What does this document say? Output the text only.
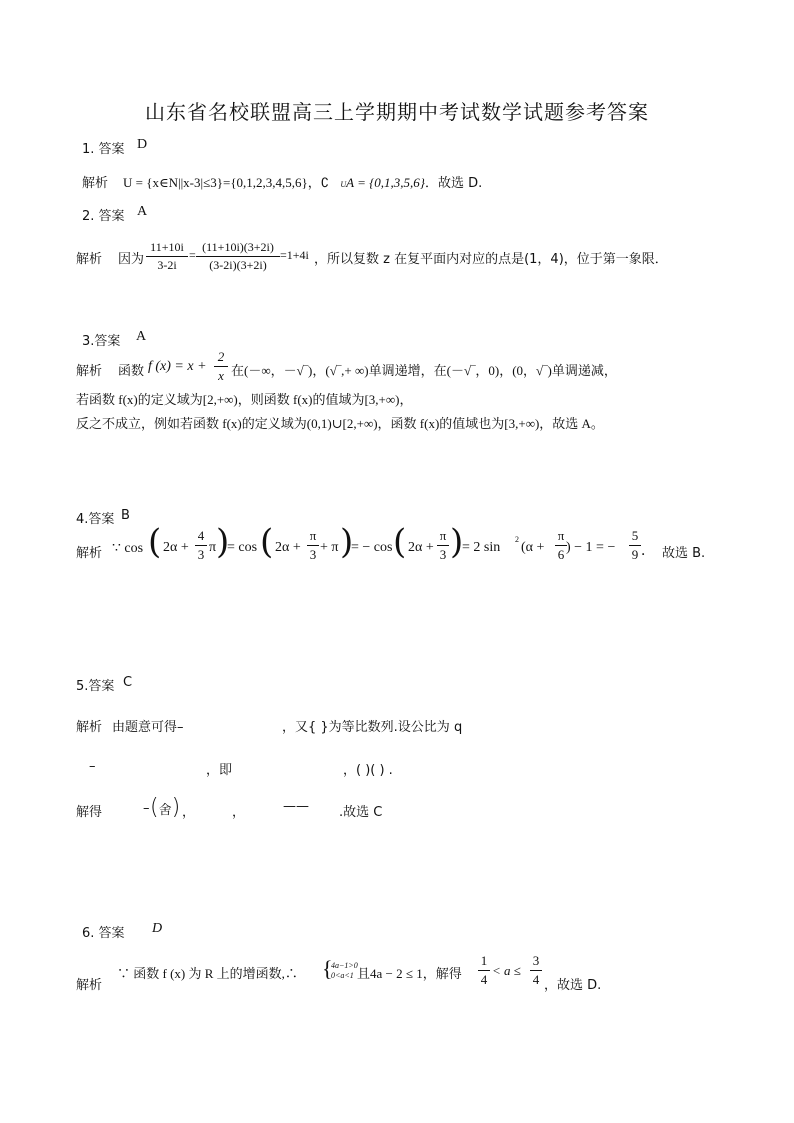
山东省名校联盟高三上学期期中考试数学试题参考答案
1. 答案 D
解析 U = {x∈N||x-3|≤3}={0,1,2,3,4,5,6}，∁ UA = {0,1,3,5,6}．故选 D.
2. 答案 A
解析 因为
11+10i
3-2i
=
(11+10i)(3+2i)
(3-2i)(3+2i)
=1+4i ，所以复数 z 在复平面内对应的点是(1，4)，位于第一象限．
3.答案 A
解析 函数 f (x) = x +
2
x 在(－∞，－√‾)，(√‾,+ ∞)单调递增，在(－√‾，0)，(0，√‾)单调递减，
若函数 f(x)的定义域为[2,+∞)，则函数 f(x)的值域为[3,+∞)，
反之不成立，例如若函数 f(x)的定义域为(0,1)∪[2,+∞)，函数 f(x)的值域也为[3,+∞)，故选 A。
4.答案 B
解析 ∵ cos ( 2α +
4
3 π )
= cos ( 2α +
π
3 + π )
= − cos ( 2α +
π
3 )
= 2 sin
2
(α +
π
6 ) − 1 = −
5
9 ． 故选 B.
5.答案 C
解析 由题意可得–	，又{ }为等比数列.设公比为 q
–	，即	，( )( ) .
解得	– (舍) ，	，	—— .故选 C
6. 答案 D
解析
∵ 函数 f (x) 为 R 上的增函数,∴ {
4a−1>0
0<a<1 且4a − 2 ≤ 1，解得
1
4
< a ≤
3
4 ，故选 D.
